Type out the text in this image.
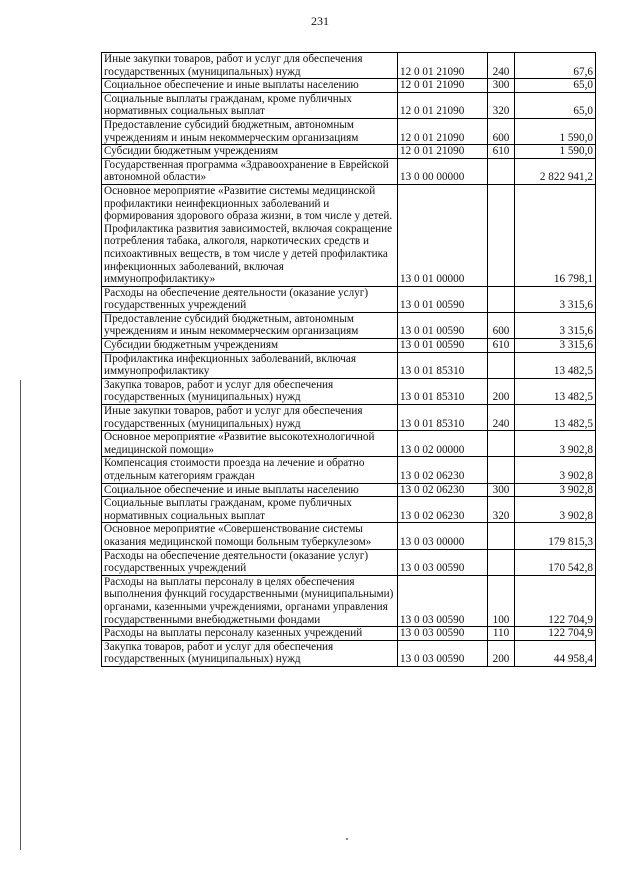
231
Иные закупки товаров, работ и услуг для обеспечения государственных (муниципальных) нужд	12 0 01 21090	240	67,6
Социальное обеспечение и иные выплаты населению	12 0 01 21090	300	65,0
Социальные выплаты гражданам, кроме публичных нормативных социальных выплат	12 0 01 21090	320	65,0
Предоставление субсидий бюджетным, автономным учреждениям и иным некоммерческим организациям	12 0 01 21090	600	1 590,0
Субсидии бюджетным учреждениям	12 0 01 21090	610	1 590,0
Государственная программа «Здравоохранение в Еврейской автономной области»	13 0 00 00000		2 822 941,2
Основное мероприятие «Развитие системы медицинской профилактики неинфекционных заболеваний и формирования здорового образа жизни, в том числе у детей. Профилактика развития зависимостей, включая сокращение потребления табака, алкоголя, наркотических средств и психоактивных веществ, в том числе у детей профилактика инфекционных заболеваний, включая иммунопрофилактику»	13 0 01 00000		16 798,1
Расходы на обеспечение деятельности (оказание услуг) государственных учреждений	13 0 01 00590		3 315,6
Предоставление субсидий бюджетным, автономным учреждениям и иным некоммерческим организациям	13 0 01 00590	600	3 315,6
Субсидии бюджетным учреждениям	13 0 01 00590	610	3 315,6
Профилактика инфекционных заболеваний, включая иммунопрофилактику	13 0 01 85310		13 482,5
Закупка товаров, работ и услуг для обеспечения государственных (муниципальных) нужд	13 0 01 85310	200	13 482,5
Иные закупки товаров, работ и услуг для обеспечения государственных (муниципальных) нужд	13 0 01 85310	240	13 482,5
Основное мероприятие «Развитие высокотехнологичной медицинской помощи»	13 0 02 00000		3 902,8
Компенсация стоимости проезда на лечение и обратно отдельным категориям граждан	13 0 02 06230		3 902,8
Социальное обеспечение и иные выплаты населению	13 0 02 06230	300	3 902,8
Социальные выплаты гражданам, кроме публичных нормативных социальных выплат	13 0 02 06230	320	3 902,8
Основное мероприятие «Совершенствование системы оказания медицинской помощи больным туберкулезом»	13 0 03 00000		179 815,3
Расходы на обеспечение деятельности (оказание услуг) государственных учреждений	13 0 03 00590		170 542,8
Расходы на выплаты персоналу в целях обеспечения выполнения функций государственными (муниципальными) органами, казенными учреждениями, органами управления государственными внебюджетными фондами	13 0 03 00590	100	122 704,9
Расходы на выплаты персоналу казенных учреждений	13 0 03 00590	110	122 704,9
Закупка товаров, работ и услуг для обеспечения государственных (муниципальных) нужд	13 0 03 00590	200	44 958,4
